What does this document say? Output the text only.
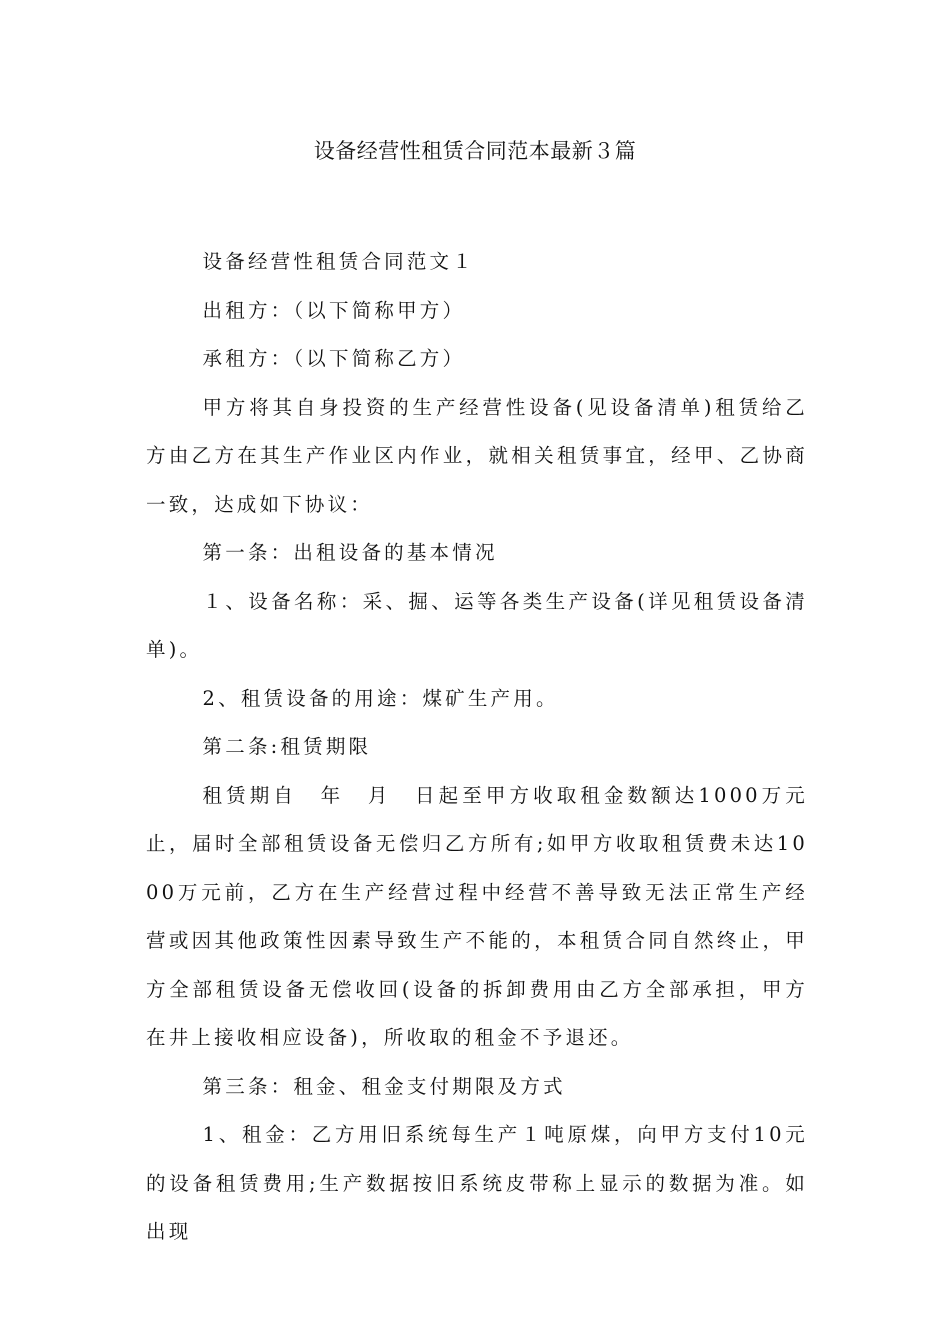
设备经营性租赁合同范本最新３篇

设备经营性租赁合同范文１

出租方：（以下简称甲方）

承租方：（以下简称乙方）

甲方将其自身投资的生产经营性设备(见设备清单)租赁给乙方由乙方在其生产作业区内作业，就相关租赁事宜，经甲、乙协商一致，达成如下协议：

第一条：出租设备的基本情况

１、设备名称：采、掘、运等各类生产设备(详见租赁设备清单)。

2、租赁设备的用途：煤矿生产用。

第二条:租赁期限

租赁期自　年　月　日起至甲方收取租金数额达1000万元止，届时全部租赁设备无偿归乙方所有;如甲方收取租赁费未达1000万元前，乙方在生产经营过程中经营不善导致无法正常生产经营或因其他政策性因素导致生产不能的，本租赁合同自然终止，甲方全部租赁设备无偿收回(设备的拆卸费用由乙方全部承担，甲方在井上接收相应设备)，所收取的租金不予退还。

第三条：租金、租金支付期限及方式

1、租金：乙方用旧系统每生产１吨原煤，向甲方支付10元的设备租赁费用;生产数据按旧系统皮带称上显示的数据为准。如出现
